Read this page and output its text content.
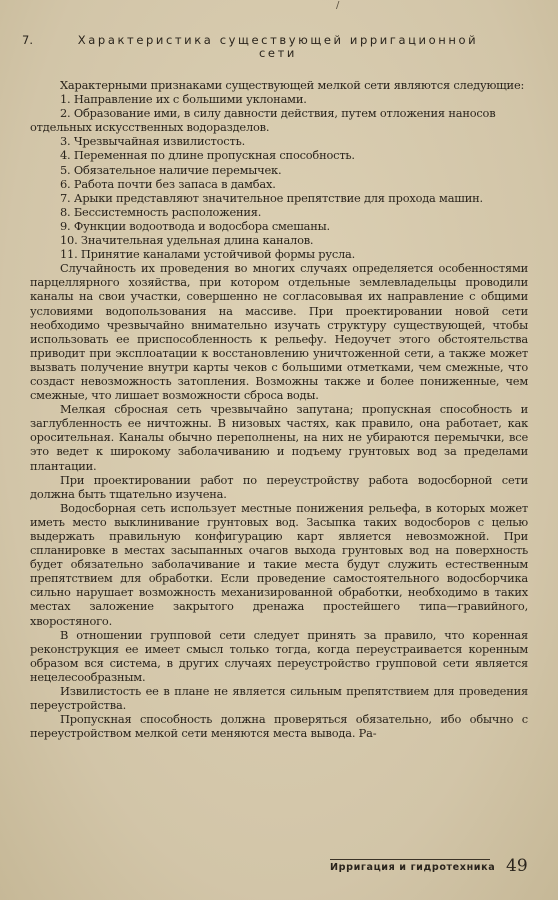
/
7.	Характеристика существующей ирригационной
сети

Характерными признаками существующей мелкой сети являются следующие:

1. Направление их с большими уклонами.

2. Образование ими, в силу давности действия, путем отложения наносов отдельных искусственных водоразделов.

3. Чрезвычайная извилистость.

4. Переменная по длине пропускная способность.

5. Обязательное наличие перемычек.

6. Работа почти без запаса в дамбах.

7. Арыки представляют значительное препятствие для прохода машин.

8. Бессистемность расположения.

9. Функции водоотвода и водосбора смешаны.

10. Значительная удельная длина каналов.

11. Принятие каналами устойчивой формы русла.

Случайность их проведения во многих случаях определяется особенностями парцеллярного хозяйства, при котором отдельные землевладельцы проводили каналы на свои участки, совершенно не согласовывая их направление с общими условиями водопользования на массиве. При проектировании новой сети необходимо чрезвычайно внимательно изучать структуру существующей, чтобы использовать ее приспособленность к рельефу. Недоучет этого обстоятельства приводит при эксплоатации к восстановлению уничтоженной сети, а также может вызвать получение внутри карты чеков с большими отметками, чем смежные, что создаст невозможность затопления. Возможны также и более пониженные, чем смежные, что лишает возможности сброса воды.

Мелкая сбросная сеть чрезвычайно запутана; пропускная способность и заглубленность ее ничтожны. В низовых частях, как правило, она работает, как оросительная. Каналы обычно переполнены, на них не убираются перемычки, все это ведет к широкому заболачиванию и подъему грунтовых вод за пределами плантации.

При проектировании работ по переустройству работа водосборной сети должна быть тщательно изучена.

Водосборная сеть использует местные понижения рельефа, в которых может иметь место выклинивание грунтовых вод. Засыпка таких водосборов с целью выдержать правильную конфигурацию карт является невозможной. При спланировке в местах засыпанных очагов выхода грунтовых вод на поверхность будет обязательно заболачивание и такие места будут служить естественным препятствием для обработки. Если проведение самостоятельного водосборчика сильно нарушает возможность механизированной обработки, необходимо в таких местах заложение закрытого дренажа простейшего типа—гравийного, хворостяного.

В отношении групповой сети следует принять за правило, что коренная реконструкция ее имеет смысл только тогда, когда переустраивается коренным образом вся система, в других случаях переустройство групповой сети является нецелесообразным.

Извилистость ее в плане не является сильным препятствием для проведения переустройства.

Пропускная способность должна проверяться обязательно, ибо обычно с переустройством мелкой сети меняются места вывода. Ра-

Ирригация и гидротехника 49
